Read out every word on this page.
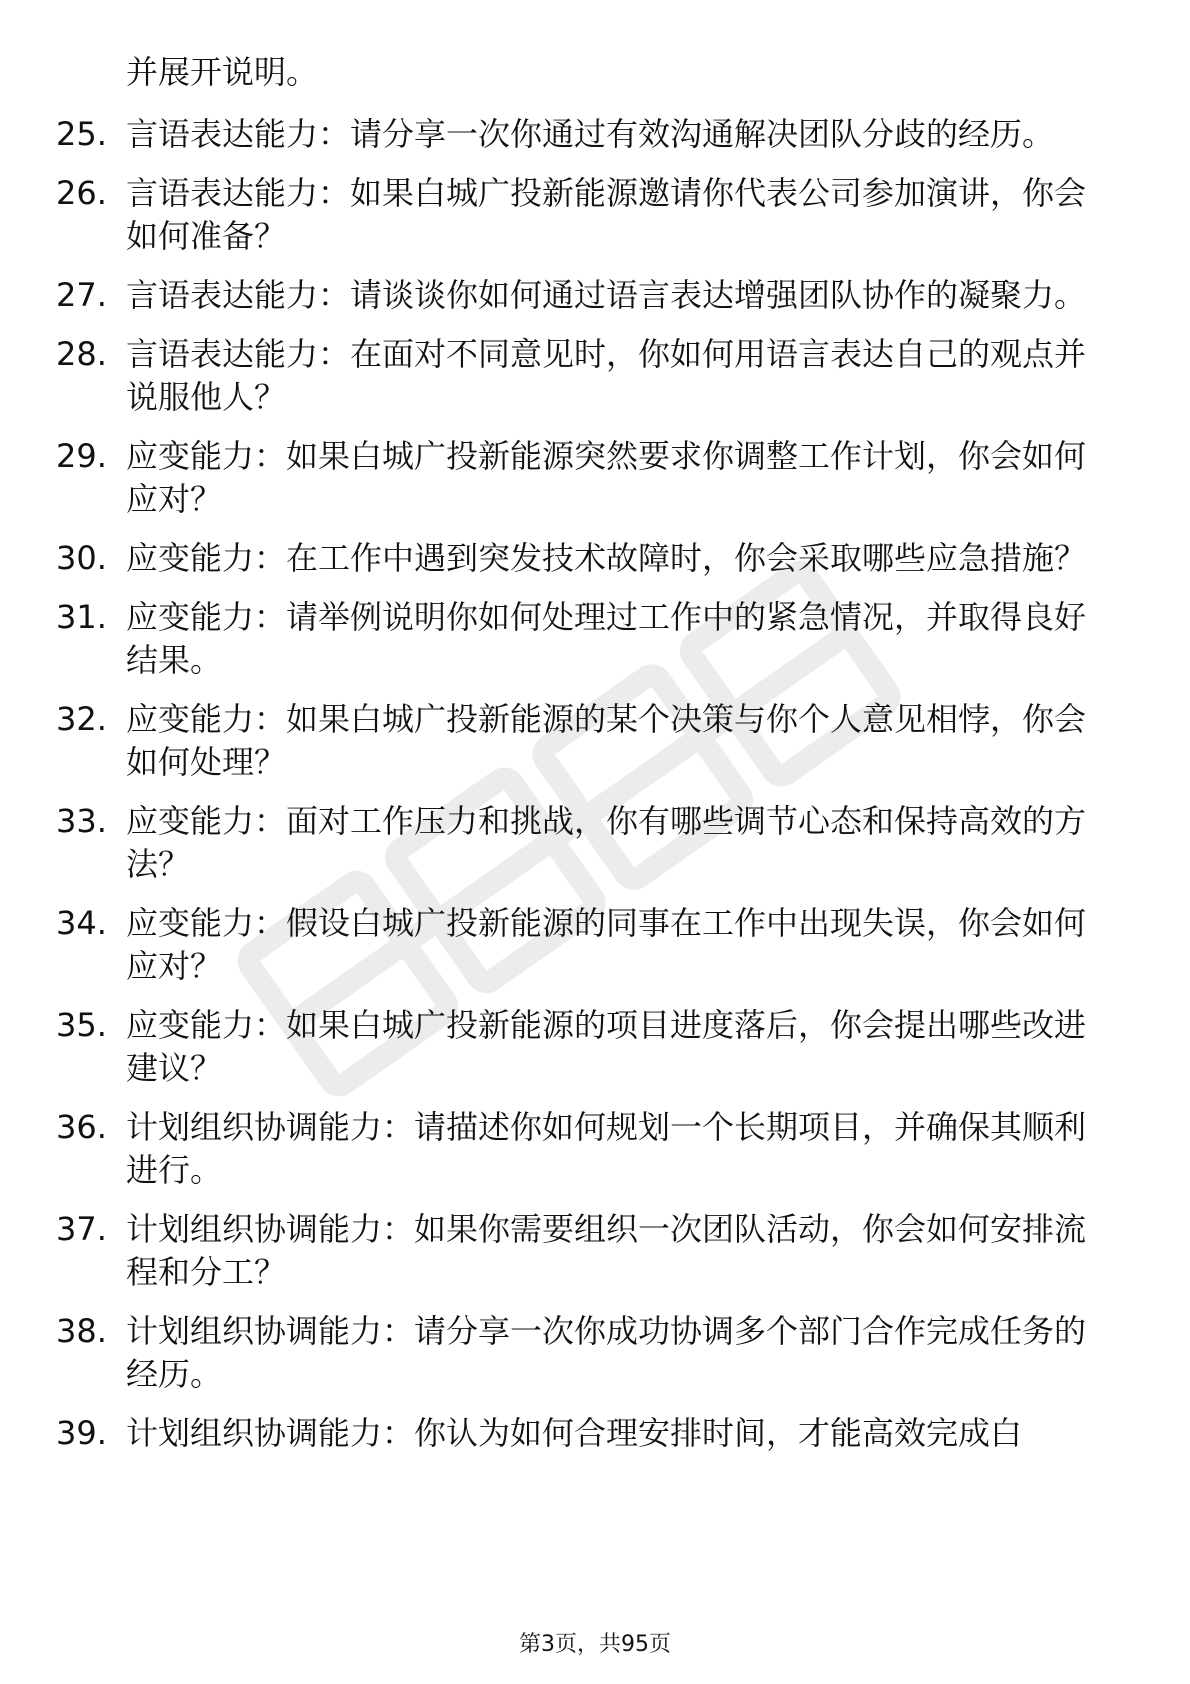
并展开说明。

25. 言语表达能力：请分享一次你通过有效沟通解决团队分歧的经历。
26. 言语表达能力：如果白城广投新能源邀请你代表公司参加演讲，你会如何准备？
27. 言语表达能力：请谈谈你如何通过语言表达增强团队协作的凝聚力。
28. 言语表达能力：在面对不同意见时，你如何用语言表达自己的观点并说服他人？
29. 应变能力：如果白城广投新能源突然要求你调整工作计划，你会如何应对？
30. 应变能力：在工作中遇到突发技术故障时，你会采取哪些应急措施？
31. 应变能力：请举例说明你如何处理过工作中的紧急情况，并取得良好结果。
32. 应变能力：如果白城广投新能源的某个决策与你个人意见相悖，你会如何处理？
33. 应变能力：面对工作压力和挑战，你有哪些调节心态和保持高效的方法？
34. 应变能力：假设白城广投新能源的同事在工作中出现失误，你会如何应对？
35. 应变能力：如果白城广投新能源的项目进度落后，你会提出哪些改进建议？
36. 计划组织协调能力：请描述你如何规划一个长期项目，并确保其顺利进行。
37. 计划组织协调能力：如果你需要组织一次团队活动，你会如何安排流程和分工？
38. 计划组织协调能力：请分享一次你成功协调多个部门合作完成任务的经历。
39. 计划组织协调能力：你认为如何合理安排时间，才能高效完成白
第3页，共95页
